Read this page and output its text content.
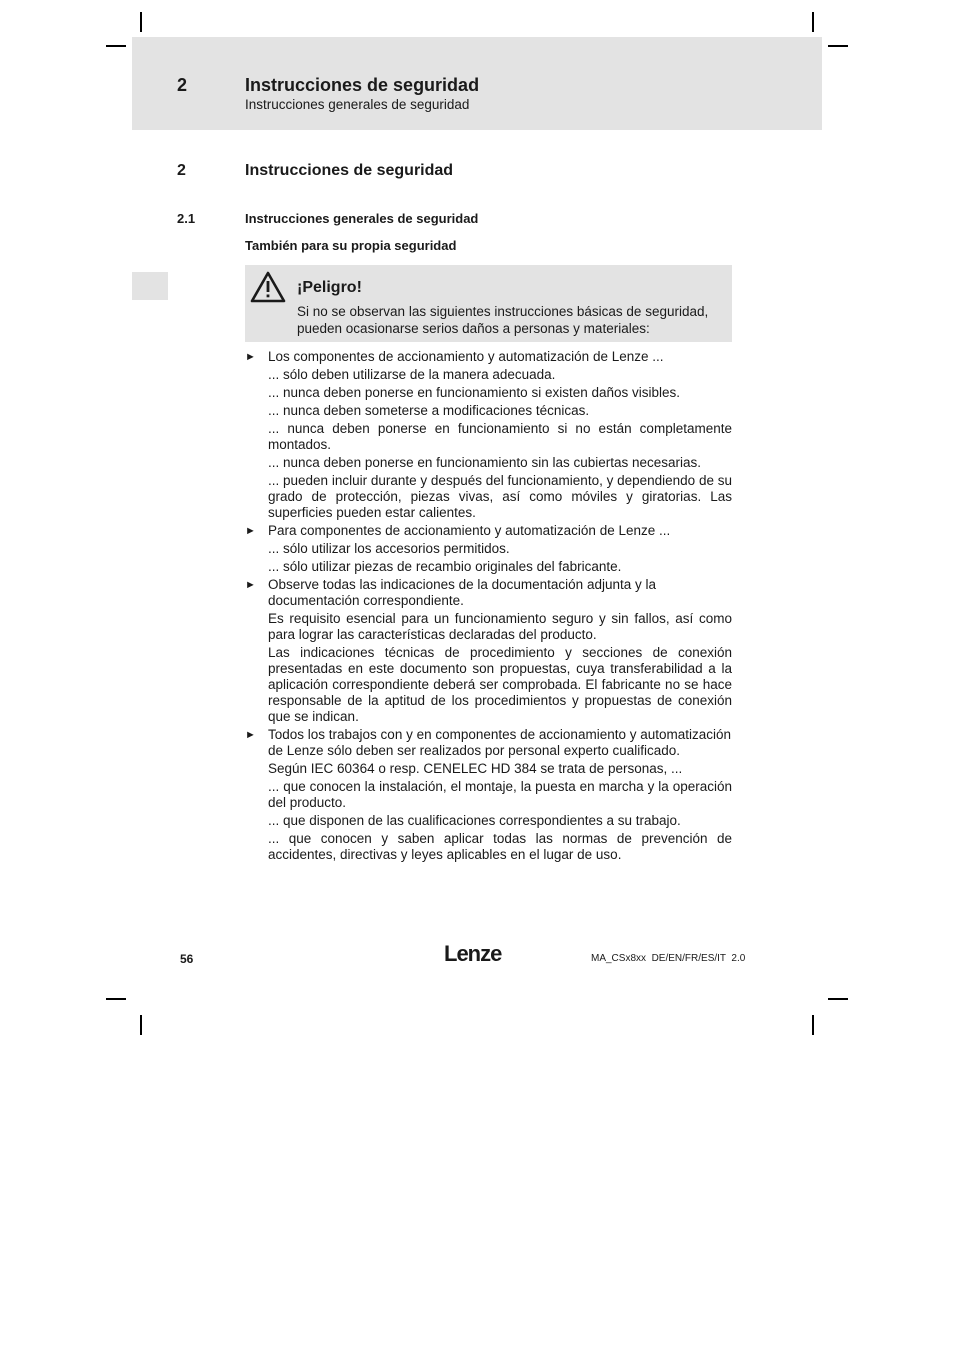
2	Instrucciones de seguridad
Instrucciones generales de seguridad
2	Instrucciones de seguridad
2.1	Instrucciones generales de seguridad
También para su propia seguridad
¡Peligro!
Si no se observan las siguientes instrucciones básicas de seguridad, pueden ocasionarse serios daños a personas y materiales:
► Los componentes de accionamiento y automatización de Lenze ...
... sólo deben utilizarse de la manera adecuada.
... nunca deben ponerse en funcionamiento si existen daños visibles.
... nunca deben someterse a modificaciones técnicas.
... nunca deben ponerse en funcionamiento si no están completamente montados.
... nunca deben ponerse en funcionamiento sin las cubiertas necesarias.
... pueden incluir durante y después del funcionamiento, y dependiendo de su grado de protección, piezas vivas, así como móviles y giratorias. Las superficies pueden estar calientes.
► Para componentes de accionamiento y automatización de Lenze ...
... sólo utilizar los accesorios permitidos.
... sólo utilizar piezas de recambio originales del fabricante.
► Observe todas las indicaciones de la documentación adjunta y la documentación correspondiente.
Es requisito esencial para un funcionamiento seguro y sin fallos, así como para lograr las características declaradas del producto.
Las indicaciones técnicas de procedimiento y secciones de conexión presentadas en este documento son propuestas, cuya transferabilidad a la aplicación correspondiente deberá ser comprobada. El fabricante no se hace responsable de la aptitud de los procedimientos y propuestas de conexión que se indican.
► Todos los trabajos con y en componentes de accionamiento y automatización de Lenze sólo deben ser realizados por personal experto cualificado.
Según IEC 60364 o resp. CENELEC HD 384 se trata de personas, ...
... que conocen la instalación, el montaje, la puesta en marcha y la operación del producto.
... que disponen de las cualificaciones correspondientes a su trabajo.
... que conocen y saben aplicar todas las normas de prevención de accidentes, directivas y leyes aplicables en el lugar de uso.
56	Lenze	MA_CSx8xx  DE/EN/FR/ES/IT  2.0
